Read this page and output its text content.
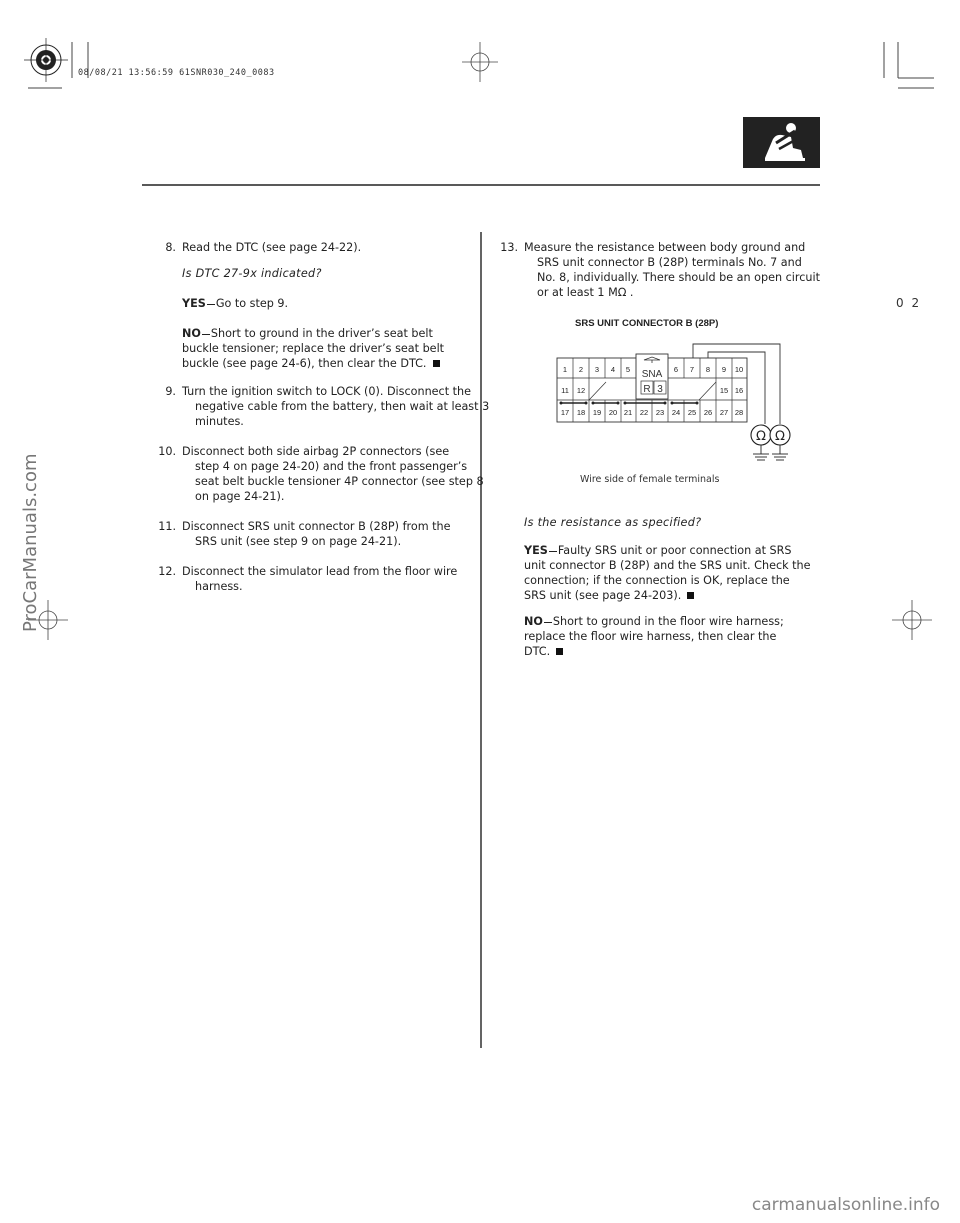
08/08/21 13:56:59 61SNR030_240_0083
0 2
8. Read the DTC (see page 24-22).
Is DTC 27-9x indicated?
YES Go to step 9.
NO Short to ground in the driver’s seat belt
buckle tensioner; replace the driver’s seat belt
buckle (see page 24-6), then clear the DTC.
9. Turn the ignition switch to LOCK (0). Disconnect the
negative cable from the battery, then wait at least 3
minutes.
10. Disconnect both side airbag 2P connectors (see
step 4 on page 24-20) and the front passenger’s
seat belt buckle tensioner 4P connector (see step 8
on page 24-21).
11. Disconnect SRS unit connector B (28P) from the
SRS unit (see step 9 on page 24-21).
12. Disconnect the simulator lead from the floor wire
harness.
13. Measure the resistance between body ground and
SRS unit connector B (28P) terminals No. 7 and
No. 8, individually. There should be an open circuit
or at least 1 MΩ .
SRS UNIT CONNECTOR B (28P)
1 2 3 4 5	6 7 8 9 10
11 12	15 16
17 18 19 20 21 22 23 24 25 26 27 28
SNA
R 3
Ω Ω
Wire side of female terminals
Is the resistance as specified?
YES Faulty SRS unit or poor connection at SRS
unit connector B (28P) and the SRS unit. Check the
connection; if the connection is OK, replace the
SRS unit (see page 24-203).
NO Short to ground in the floor wire harness;
replace the floor wire harness, then clear the
DTC.
ProCarManuals.com
carmanualsonline.info
